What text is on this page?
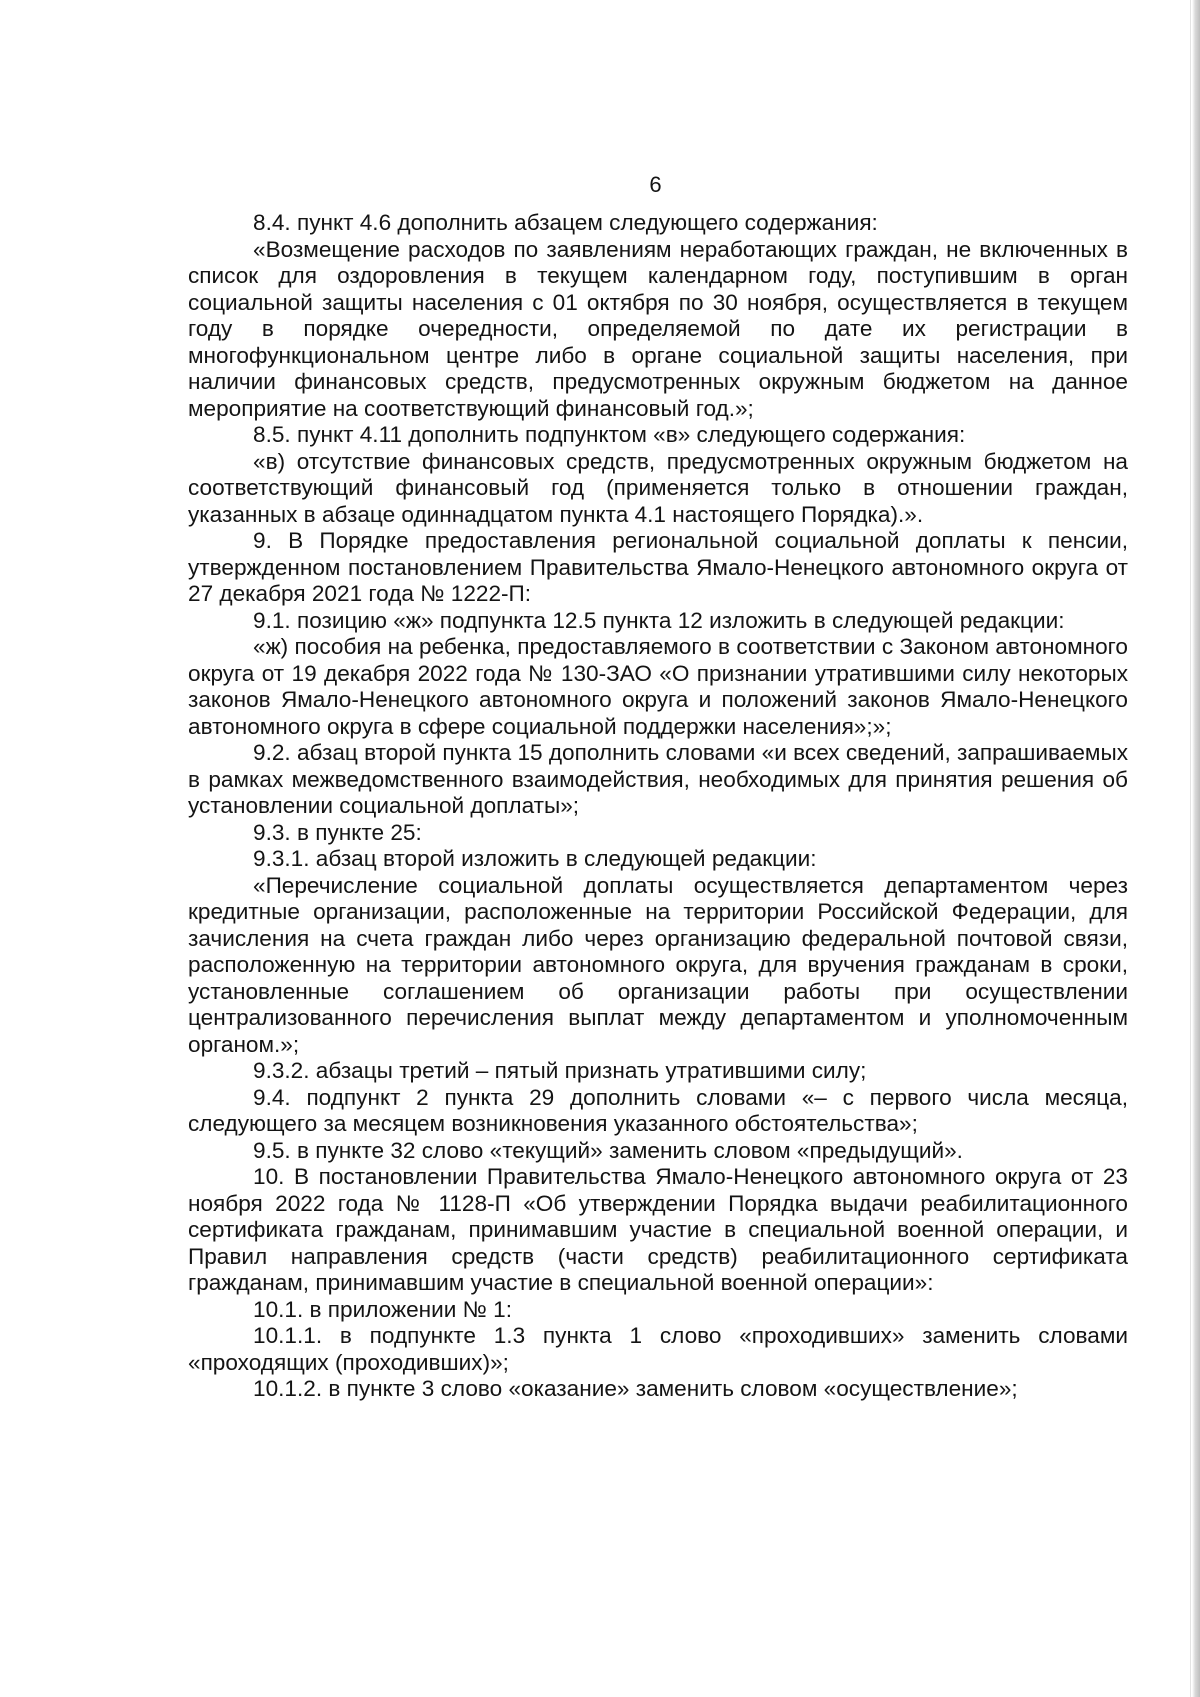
6

8.4. пункт 4.6 дополнить абзацем следующего содержания:

«Возмещение расходов по заявлениям неработающих граждан, не включенных в список для оздоровления в текущем календарном году, поступившим в орган социальной защиты населения с 01 октября по 30 ноября, осуществляется в текущем году в порядке очередности, определяемой по дате их регистрации в многофункциональном центре либо в органе социальной защиты населения, при наличии финансовых средств, предусмотренных окружным бюджетом на данное мероприятие на соответствующий финансовый год.»;

8.5. пункт 4.11 дополнить подпунктом «в» следующего содержания:

«в) отсутствие финансовых средств, предусмотренных окружным бюджетом на соответствующий финансовый год (применяется только в отношении граждан, указанных в абзаце одиннадцатом пункта 4.1 настоящего Порядка).».

9. В Порядке предоставления региональной социальной доплаты к пенсии, утвержденном постановлением Правительства Ямало-Ненецкого автономного округа от 27 декабря 2021 года № 1222-П:

9.1. позицию «ж» подпункта 12.5 пункта 12 изложить в следующей редакции:

«ж) пособия на ребенка, предоставляемого в соответствии с Законом автономного округа от 19 декабря 2022 года № 130-ЗАО «О признании утратившими силу некоторых законов Ямало-Ненецкого автономного округа и положений законов Ямало-Ненецкого автономного округа в сфере социальной поддержки населения»;»;

9.2. абзац второй пункта 15 дополнить словами «и всех сведений, запрашиваемых в рамках межведомственного взаимодействия, необходимых для принятия решения об установлении социальной доплаты»;

9.3. в пункте 25:

9.3.1. абзац второй изложить в следующей редакции:

«Перечисление социальной доплаты осуществляется департаментом через кредитные организации, расположенные на территории Российской Федерации, для зачисления на счета граждан либо через организацию федеральной почтовой связи, расположенную на территории автономного округа, для вручения гражданам в сроки, установленные соглашением об организации работы при осуществлении централизованного перечисления выплат между департаментом и уполномоченным органом.»;

9.3.2. абзацы третий – пятый признать утратившими силу;

9.4. подпункт 2 пункта 29 дополнить словами «– с первого числа месяца, следующего за месяцем возникновения указанного обстоятельства»;

9.5. в пункте 32 слово «текущий» заменить словом «предыдущий».

10. В постановлении Правительства Ямало-Ненецкого автономного округа от 23 ноября 2022 года № 1128-П «Об утверждении Порядка выдачи реабилитационного сертификата гражданам, принимавшим участие в специальной военной операции, и Правил направления средств (части средств) реабилитационного сертификата гражданам, принимавшим участие в специальной военной операции»:

10.1. в приложении № 1:

10.1.1. в подпункте 1.3 пункта 1 слово «проходивших» заменить словами «проходящих (проходивших)»;

10.1.2. в пункте 3 слово «оказание» заменить словом «осуществление»;
